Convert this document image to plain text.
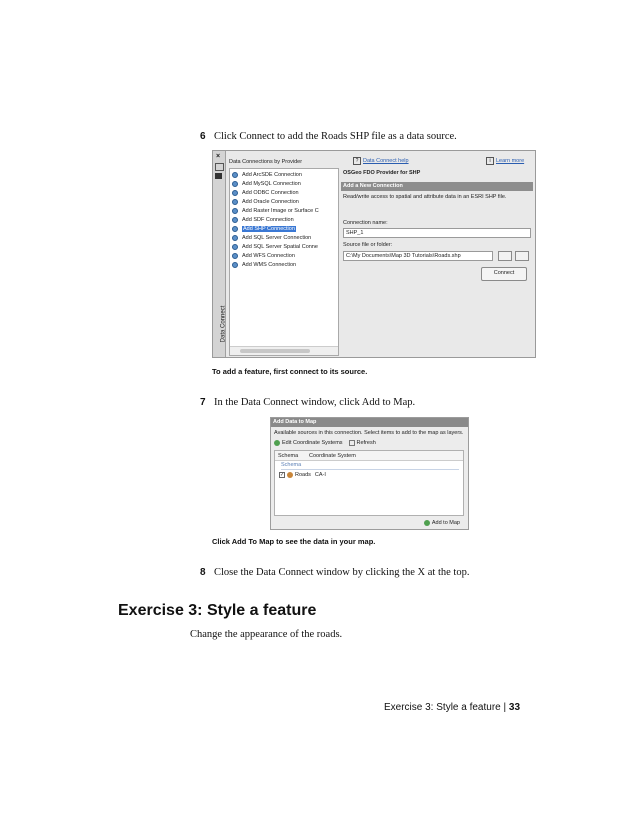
6 Click Connect to add the Roads SHP file as a data source.
×
Data Connect
Data Connections by Provider
Add ArcSDE Connection
Add MySQL Connection
Add ODBC Connection
Add Oracle Connection
Add Raster Image or Surface C
Add SDF Connection
Add SHP Connection
Add SQL Server Connection
Add SQL Server Spatial Conne
Add WFS Connection
Add WMS Connection
? Data Connect help	i Learn more
OSGeo FDO Provider for SHP
Add a New Connection
Read/write access to spatial and attribute data in an ESRI SHP file.
Connection name:
SHP_1
Source file or folder:
C:\My Documents\Map 3D Tutorials\Roads.shp
Connect
To add a feature, first connect to its source.
7 In the Data Connect window, click Add to Map.
Add Data to Map
Available sources in this connection. Select items to add to the map as layers.
Edit Coordinate Systems	Refresh
Schema Coordinate System
Schema
✓ Roads CA-I
Add to Map
Click Add To Map to see the data in your map.
8 Close the Data Connect window by clicking the X at the top.
Exercise 3: Style a feature
Change the appearance of the roads.
Exercise 3: Style a feature | 33
